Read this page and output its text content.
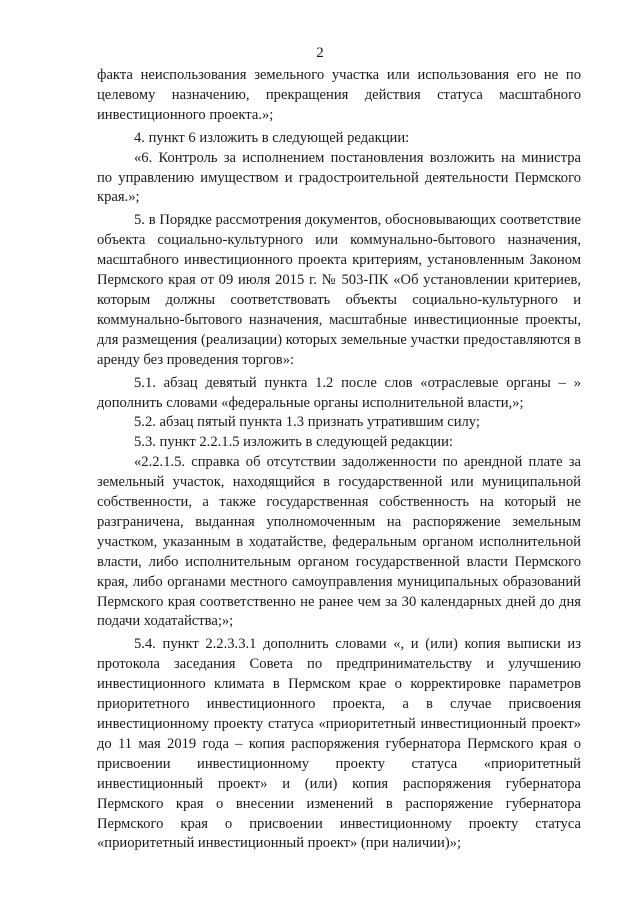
2

факта неиспользования земельного участка или использования его не по целевому назначению, прекращения действия статуса масштабного инвестиционного проекта.»;

4. пункт 6 изложить в следующей редакции:

«6. Контроль за исполнением постановления возложить на министра по управлению имуществом и градостроительной деятельности Пермского края.»;

5. в Порядке рассмотрения документов, обосновывающих соответствие объекта социально-культурного или коммунально-бытового назначения, масштабного инвестиционного проекта критериям, установленным Законом Пермского края от 09 июля 2015 г. № 503-ПК «Об установлении критериев, которым должны соответствовать объекты социально-культурного и коммунально-бытового назначения, масштабные инвестиционные проекты, для размещения (реализации) которых земельные участки предоставляются в аренду без проведения торгов»:

5.1. абзац девятый пункта 1.2 после слов «отраслевые органы – » дополнить словами «федеральные органы исполнительной власти,»;

5.2. абзац пятый пункта 1.3 признать утратившим силу;

5.3. пункт 2.2.1.5 изложить в следующей редакции:

«2.2.1.5. справка об отсутствии задолженности по арендной плате за земельный участок, находящийся в государственной или муниципальной собственности, а также государственная собственность на который не разграничена, выданная уполномоченным на распоряжение земельным участком, указанным в ходатайстве, федеральным органом исполнительной власти, либо исполнительным органом государственной власти Пермского края, либо органами местного самоуправления муниципальных образований Пермского края соответственно не ранее чем за 30 календарных дней до дня подачи ходатайства;»;

5.4. пункт 2.2.3.3.1 дополнить словами «, и (или) копия выписки из протокола заседания Совета по предпринимательству и улучшению инвестиционного климата в Пермском крае о корректировке параметров приоритетного инвестиционного проекта, а в случае присвоения инвестиционному проекту статуса «приоритетный инвестиционный проект» до 11 мая 2019 года – копия распоряжения губернатора Пермского края о присвоении инвестиционному проекту статуса «приоритетный инвестиционный проект» и (или) копия распоряжения губернатора Пермского края о внесении изменений в распоряжение губернатора Пермского края о присвоении инвестиционному проекту статуса «приоритетный инвестиционный проект» (при наличии)»;
